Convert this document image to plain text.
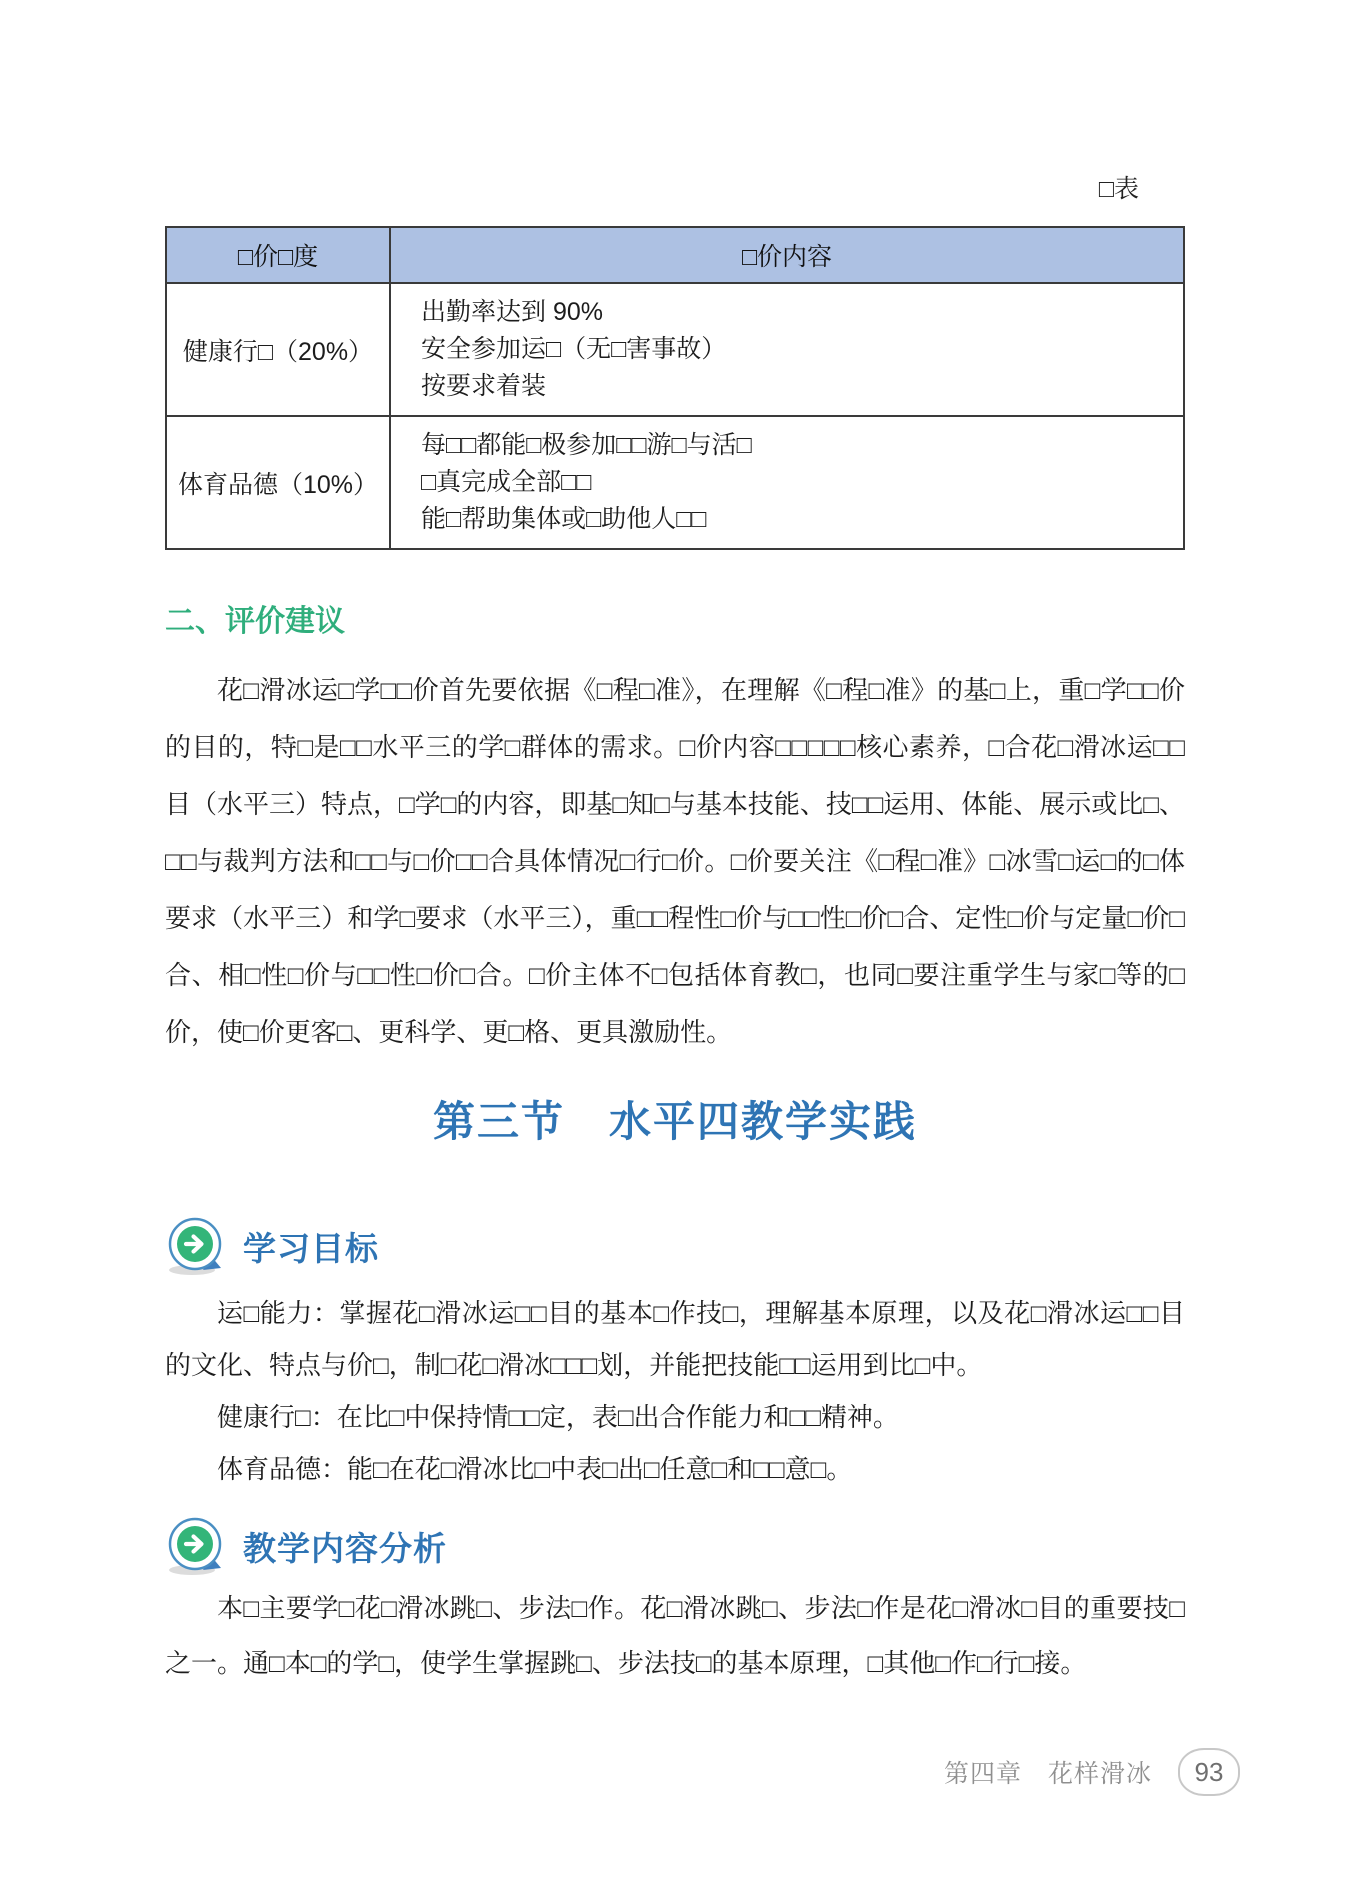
□表
□价□度	□价内容
健康行□（20%）	出勤率达到 90%
安全参加运□（无□害事故）
按要求着装

体育品德（10%）	每□□都能□极参加□□游□与活□
□真完成全部□□
能□帮助集体或□助他人□□
二、评价建议
花□滑冰运□学□□价首先要依据《□程□准》，在理解《□程□准》的基□上，重□学□□价的目的，特□是□□水平三的学□群体的需求。□价内容□□□□□核心素养，□合花□滑冰运□□目（水平三）特点，□学□的内容，即基□知□与基本技能、技□□运用、体能、展示或比□、□□与裁判方法和□□与□价□□合具体情况□行□价。□价要关注《□程□准》□冰雪□运□的□体要求（水平三）和学□要求（水平三），重□□程性□价与□□性□价□合、定性□价与定量□价□合、相□性□价与□□性□价□合。□价主体不□包括体育教□，也同□要注重学生与家□等的□价，使□价更客□、更科学、更□格、更具激励性。
第三节　水平四教学实践
学习目标

运□能力：掌握花□滑冰运□□目的基本□作技□，理解基本原理，以及花□滑冰运□□目的文化、特点与价□，制□花□滑冰□□□划，并能把技能□□运用到比□中。

健康行□：在比□中保持情□□定，表□出合作能力和□□精神。

体育品德：能□在花□滑冰比□中表□出□任意□和□□意□。

教学内容分析
本□主要学□花□滑冰跳□、步法□作。花□滑冰跳□、步法□作是花□滑冰□目的重要技□之一。通□本□的学□，使学生掌握跳□、步法技□的基本原理，□其他□作□行□接。
第四章　花样滑冰	93
